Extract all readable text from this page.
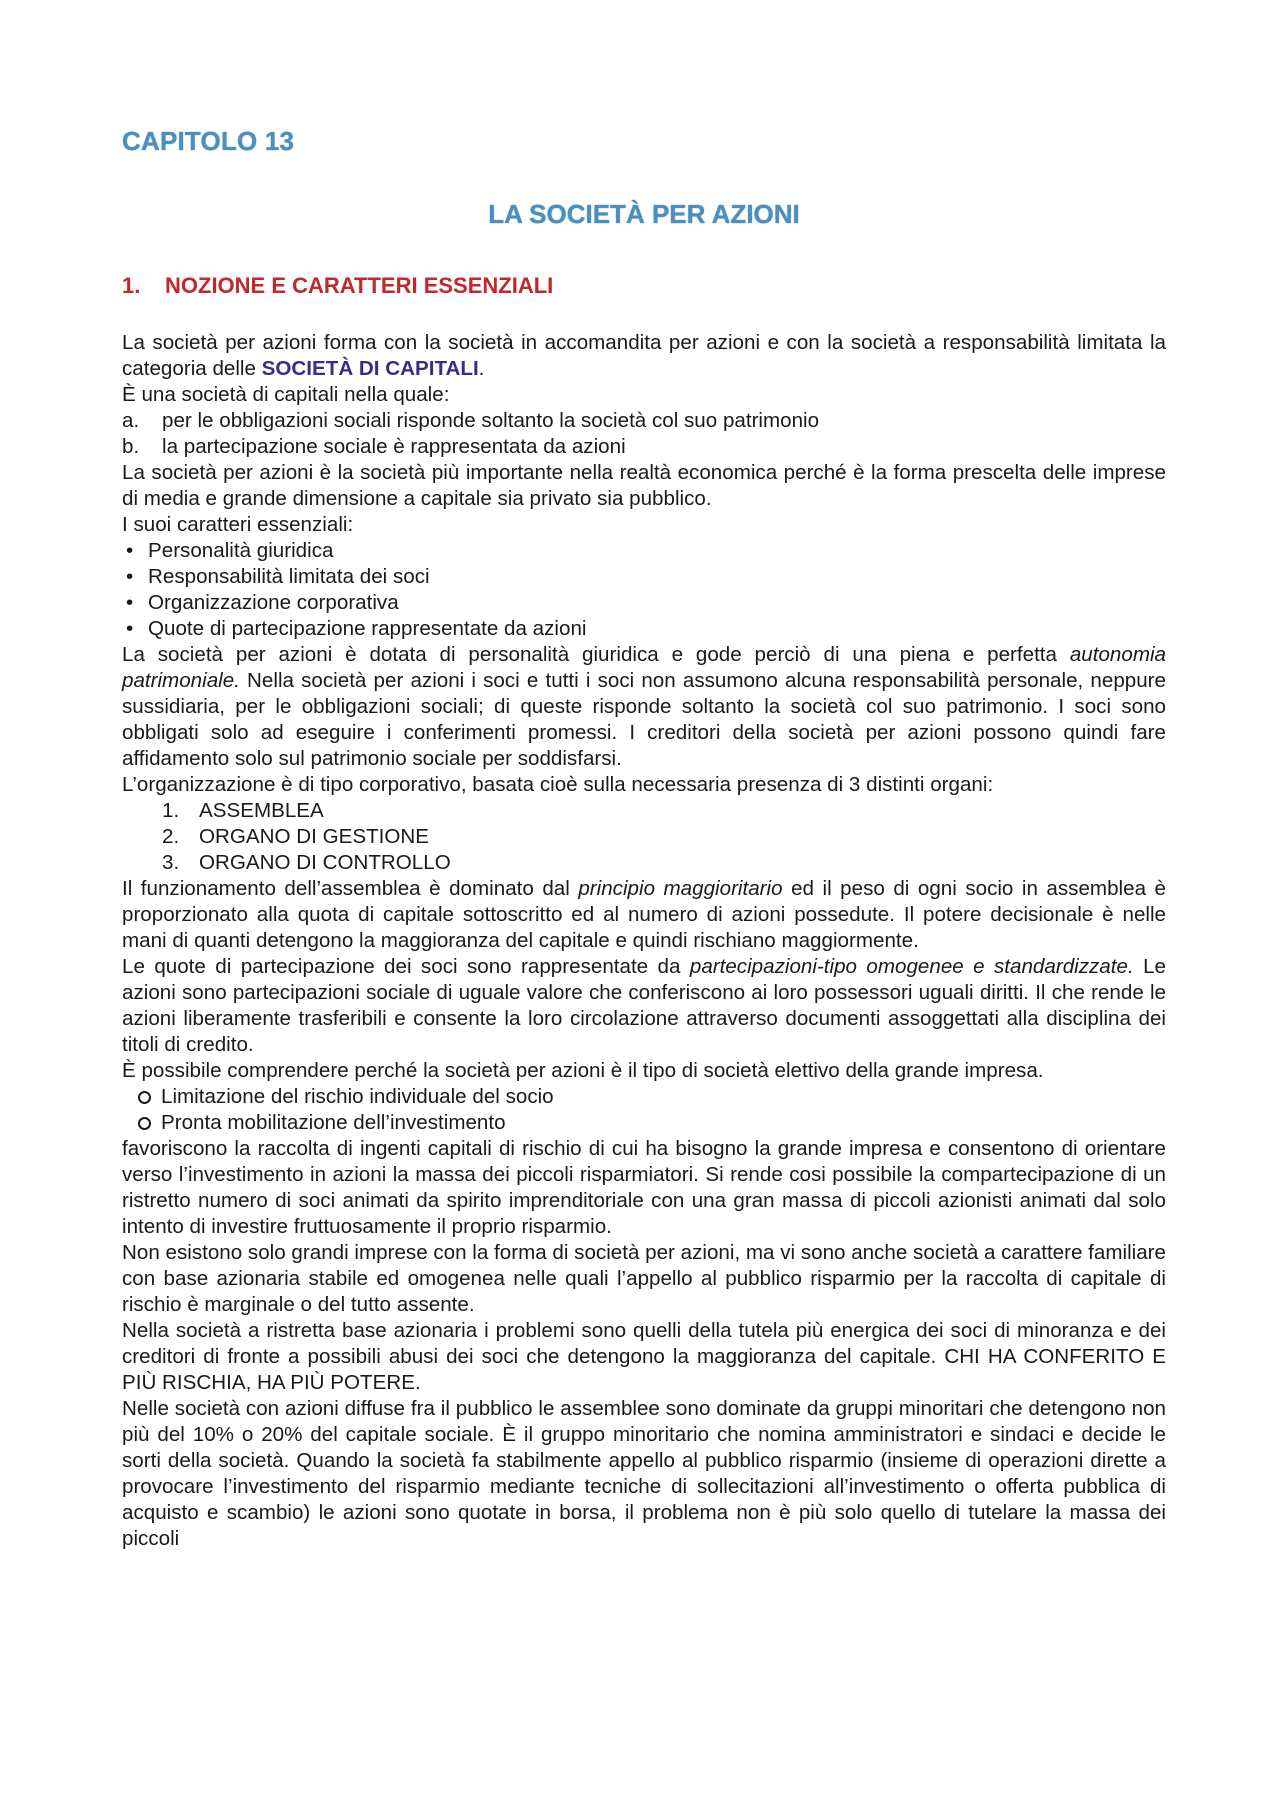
CAPITOLO 13
LA SOCIETÀ PER AZIONI
1. NOZIONE E CARATTERI ESSENZIALI

La società per azioni forma con la società in accomandita per azioni e con la società a responsabilità limitata la categoria delle SOCIETÀ DI CAPITALI.

È una società di capitali nella quale:

a.	per le obbligazioni sociali risponde soltanto la società col suo patrimonio
b.	la partecipazione sociale è rappresentata da azioni

La società per azioni è la società più importante nella realtà economica perché è la forma prescelta delle imprese di media e grande dimensione a capitale sia privato sia pubblico.

I suoi caratteri essenziali:

• Personalità giuridica
• Responsabilità limitata dei soci
• Organizzazione corporativa
• Quote di partecipazione rappresentate da azioni

La società per azioni è dotata di personalità giuridica e gode perciò di una piena e perfetta autonomia patrimoniale. Nella società per azioni i soci e tutti i soci non assumono alcuna responsabilità personale, neppure sussidiaria, per le obbligazioni sociali; di queste risponde soltanto la società col suo patrimonio. I soci sono obbligati solo ad eseguire i conferimenti promessi. I creditori della società per azioni possono quindi fare affidamento solo sul patrimonio sociale per soddisfarsi.

L’organizzazione è di tipo corporativo, basata cioè sulla necessaria presenza di 3 distinti organi:

1. ASSEMBLEA
2. ORGANO DI GESTIONE
3. ORGANO DI CONTROLLO

Il funzionamento dell’assemblea è dominato dal principio maggioritario ed il peso di ogni socio in assemblea è proporzionato alla quota di capitale sottoscritto ed al numero di azioni possedute. Il potere decisionale è nelle mani di quanti detengono la maggioranza del capitale e quindi rischiano maggiormente.

Le quote di partecipazione dei soci sono rappresentate da partecipazioni-tipo omogenee e standardizzate. Le azioni sono partecipazioni sociale di uguale valore che conferiscono ai loro possessori uguali diritti. Il che rende le azioni liberamente trasferibili e consente la loro circolazione attraverso documenti assoggettati alla disciplina dei titoli di credito.

È possibile comprendere perché la società per azioni è il tipo di società elettivo della grande impresa.

Limitazione del rischio individuale del socio
Pronta mobilitazione dell’investimento

favoriscono la raccolta di ingenti capitali di rischio di cui ha bisogno la grande impresa e consentono di orientare verso l’investimento in azioni la massa dei piccoli risparmiatori. Si rende cosi possibile la compartecipazione di un ristretto numero di soci animati da spirito imprenditoriale con una gran massa di piccoli azionisti animati dal solo intento di investire fruttuosamente il proprio risparmio.

Non esistono solo grandi imprese con la forma di società per azioni, ma vi sono anche società a carattere familiare con base azionaria stabile ed omogenea nelle quali l’appello al pubblico risparmio per la raccolta di capitale di rischio è marginale o del tutto assente.

Nella società a ristretta base azionaria i problemi sono quelli della tutela più energica dei soci di minoranza e dei creditori di fronte a possibili abusi dei soci che detengono la maggioranza del capitale. CHI HA CONFERITO E PIÙ RISCHIA, HA PIÙ POTERE.

Nelle società con azioni diffuse fra il pubblico le assemblee sono dominate da gruppi minoritari che detengono non più del 10% o 20% del capitale sociale. È il gruppo minoritario che nomina amministratori e sindaci e decide le sorti della società. Quando la società fa stabilmente appello al pubblico risparmio (insieme di operazioni dirette a provocare l’investimento del risparmio mediante tecniche di sollecitazioni all’investimento o offerta pubblica di acquisto e scambio) le azioni sono quotate in borsa, il problema non è più solo quello di tutelare la massa dei piccoli
